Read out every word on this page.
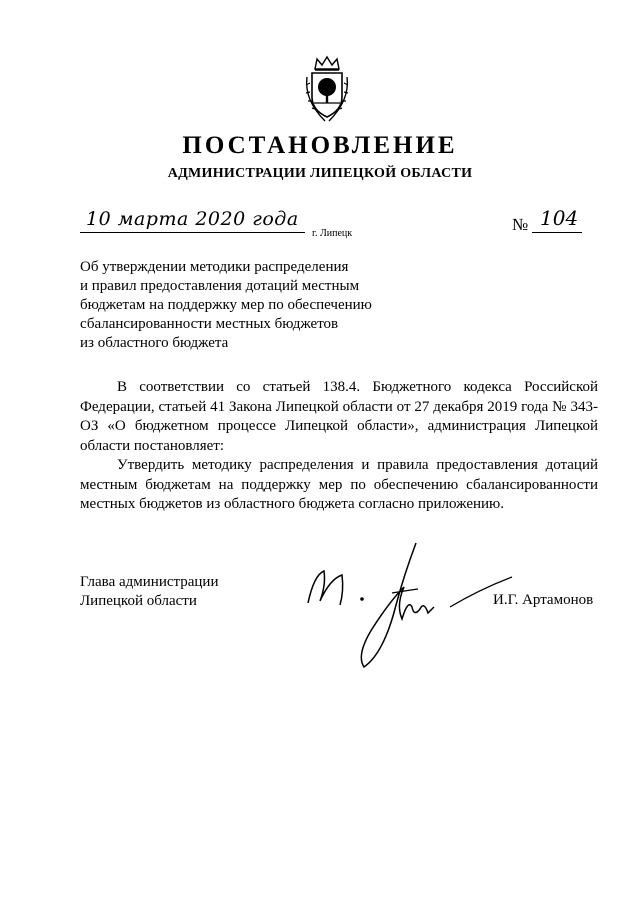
ПОСТАНОВЛЕНИЕ
АДМИНИСТРАЦИИ ЛИПЕЦКОЙ ОБЛАСТИ
10 марта 2020 года
г. Липецк	№ 104
Об утверждении методики распределения
и правил предоставления дотаций местным
бюджетам на поддержку мер по обеспечению
сбалансированности местных бюджетов
из областного бюджета

В соответствии со статьей 138.4. Бюджетного кодекса Российской Федерации, статьей 41 Закона Липецкой области от 27 декабря 2019 года № 343-ОЗ «О бюджетном процессе Липецкой области», администрация Липецкой области постановляет:

Утвердить методику распределения и правила предоставления дотаций местным бюджетам на поддержку мер по обеспечению сбалансированности местных бюджетов из областного бюджета согласно приложению.

Глава администрации
Липецкой области	И.Г. Артамонов
